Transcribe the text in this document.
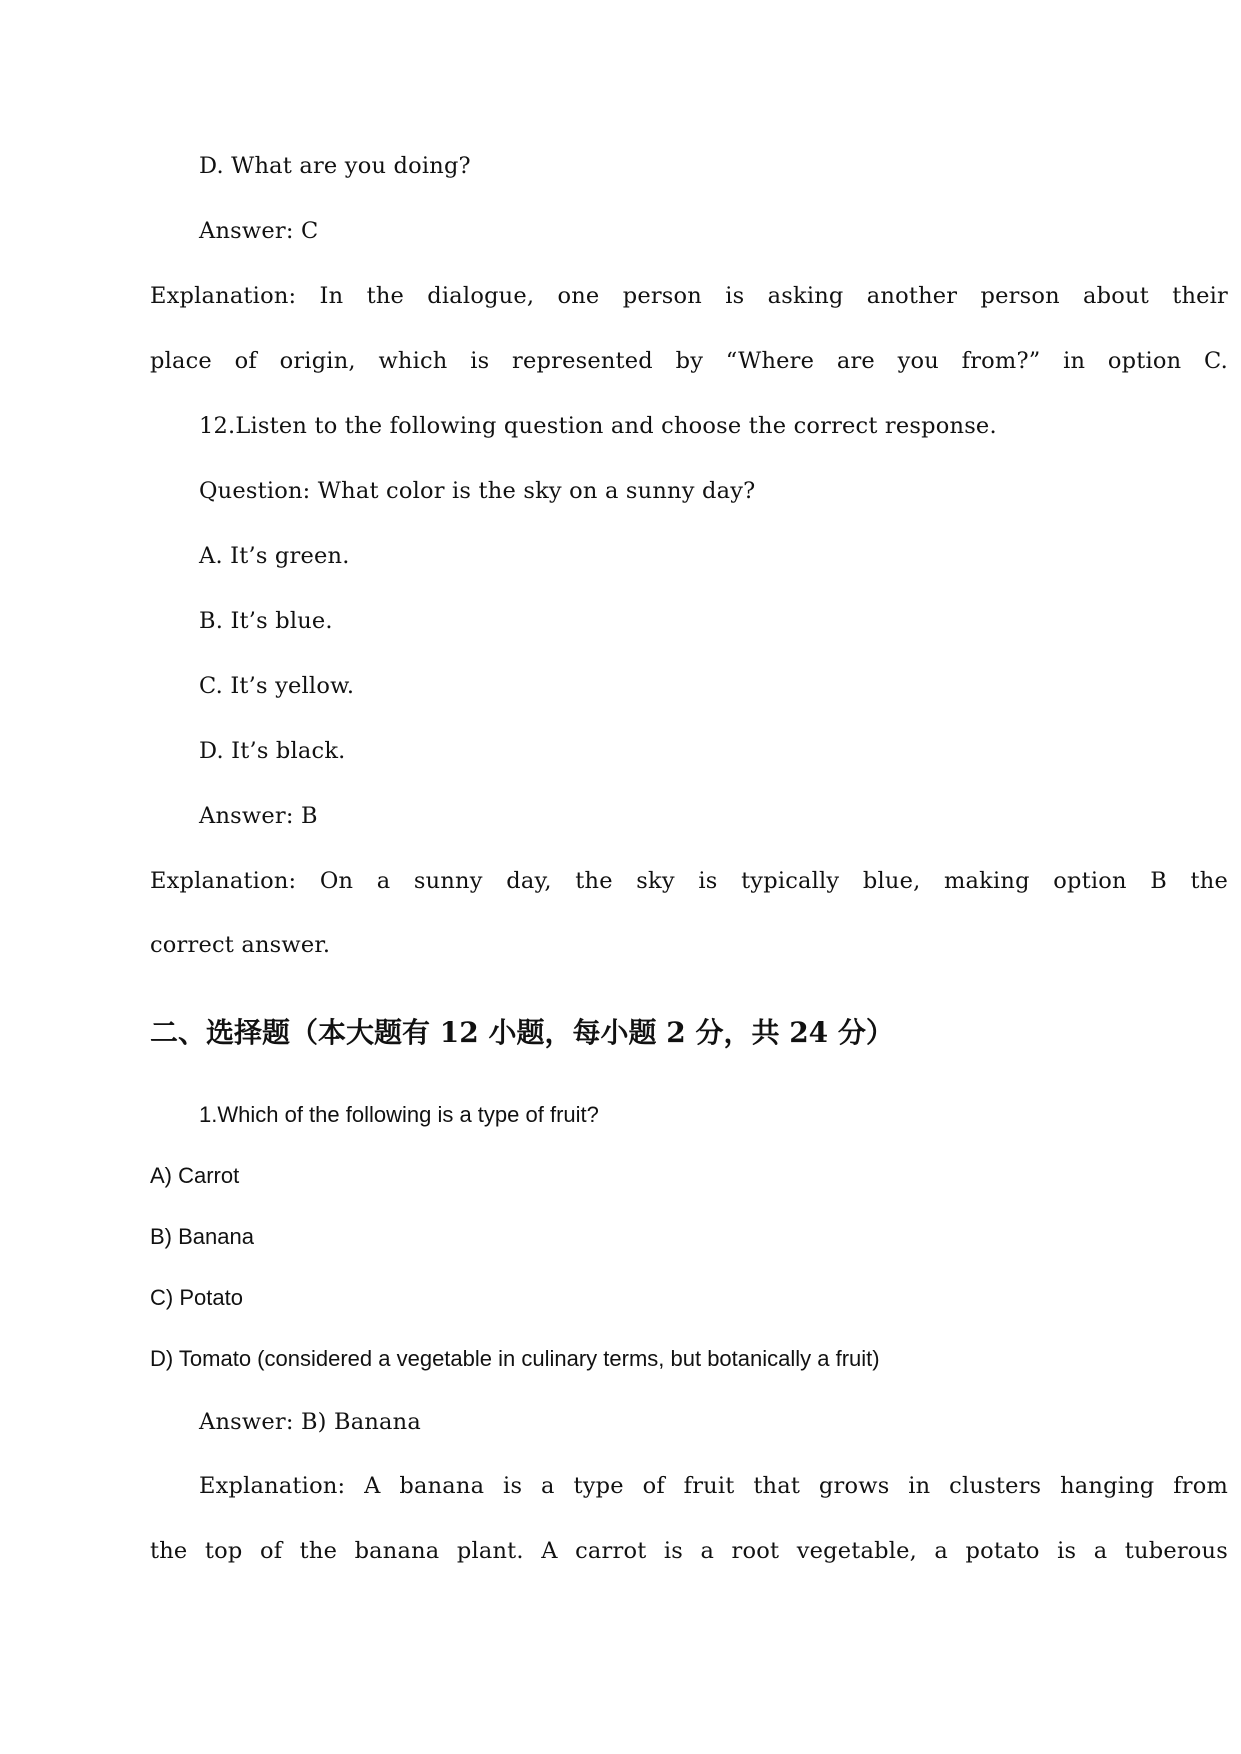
D. What are you doing?
Answer: C
Explanation: In the dialogue, one person is asking another person about their
place of origin, which is represented by “Where are you from?” in option C.
12.Listen to the following question and choose the correct response.
Question: What color is the sky on a sunny day?
A. It’s green.
B. It’s blue.
C. It’s yellow.
D. It’s black.
Answer: B
Explanation: On a sunny day, the sky is typically blue, making option B the
correct answer.
二、选择题（本大题有 12 小题，每小题 2 分，共 24 分）
1.Which of the following is a type of fruit?
A) Carrot
B) Banana
C) Potato
D) Tomato (considered a vegetable in culinary terms, but botanically a fruit)
Answer: B) Banana
Explanation: A banana is a type of fruit that grows in clusters hanging from
the top of the banana plant. A carrot is a root vegetable, a potato is a tuberous
